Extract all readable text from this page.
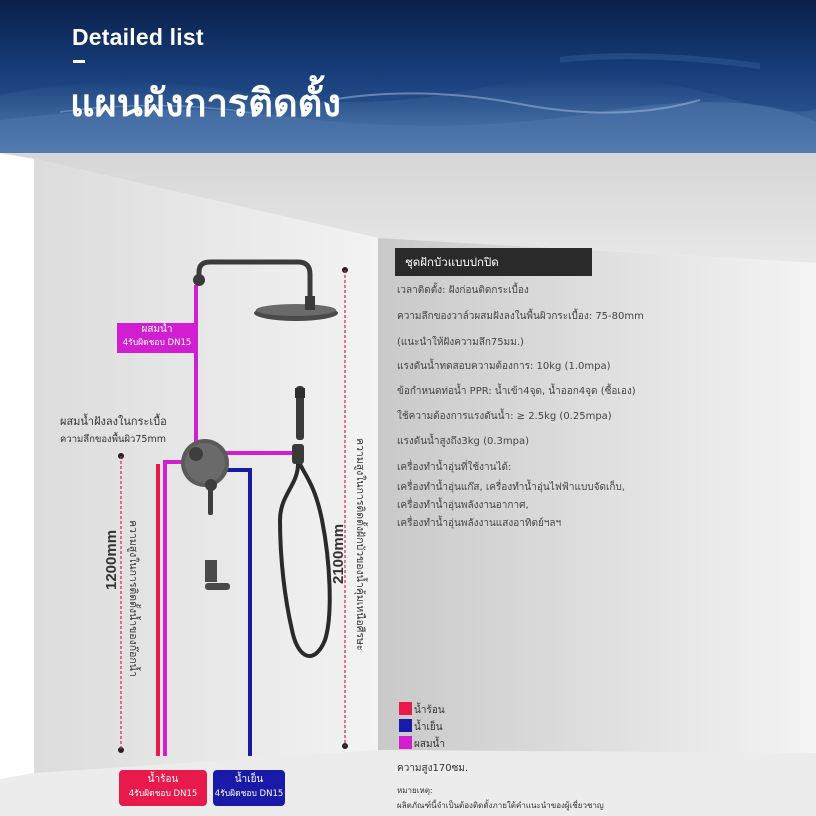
Detailed list
แผนผังการติดตั้ง
ผสมน้ำ
4รับผิดชอบ DN15
ผสมน้ำฝังลงในกระเบื้อ
ความลึกของพื้นผิว75mm
1200mm	2100mm
ความสูงในการติดตั้งน้ำของก๊อกน้ำ	ความสูงในการติดตั้งฝักบัวของน้ำคุ้มเหนือศีรษะ
น้ำร้อน
4รับผิดชอบ DN15
น้ำเย็น
4รับผิดชอบ DN15
ชุดฝักบัวแบบปกปิด
เวลาติดตั้ง: ฝังก่อนติดกระเบื้อง
ความลึกของวาล์วผสมฝังลงในพื้นผิวกระเบื้อง: 75-80mm
(แนะนำให้ฝังความลึก75มม.)
แรงดันน้ำทดสอบความต้องการ: 10kg (1.0mpa)
ข้อกำหนดท่อน้ำ PPR: น้ำเข้า4จุด, น้ำออก4จุด (ซื้อเอง)
ใช้ความต้องการแรงดันน้ำ: ≥ 2.5kg (0.25mpa)
แรงดันน้ำสูงถึง3kg (0.3mpa)
เครื่องทำน้ำอุ่นที่ใช้งานได้:
เครื่องทำน้ำอุ่นแก๊ส, เครื่องทำน้ำอุ่นไฟฟ้าแบบจัดเก็บ,
เครื่องทำน้ำอุ่นพลังงานอากาศ,
เครื่องทำน้ำอุ่นพลังงานแสงอาทิตย์ฯลฯ
น้ำร้อน
น้ำเย็น
ผสมน้ำ
ความสูง170ซม.
หมายเหตุ:
ผลิตภัณฑ์นี้จำเป็นต้องติดตั้งภายใต้คำแนะนำของผู้เชี่ยวชาญ
